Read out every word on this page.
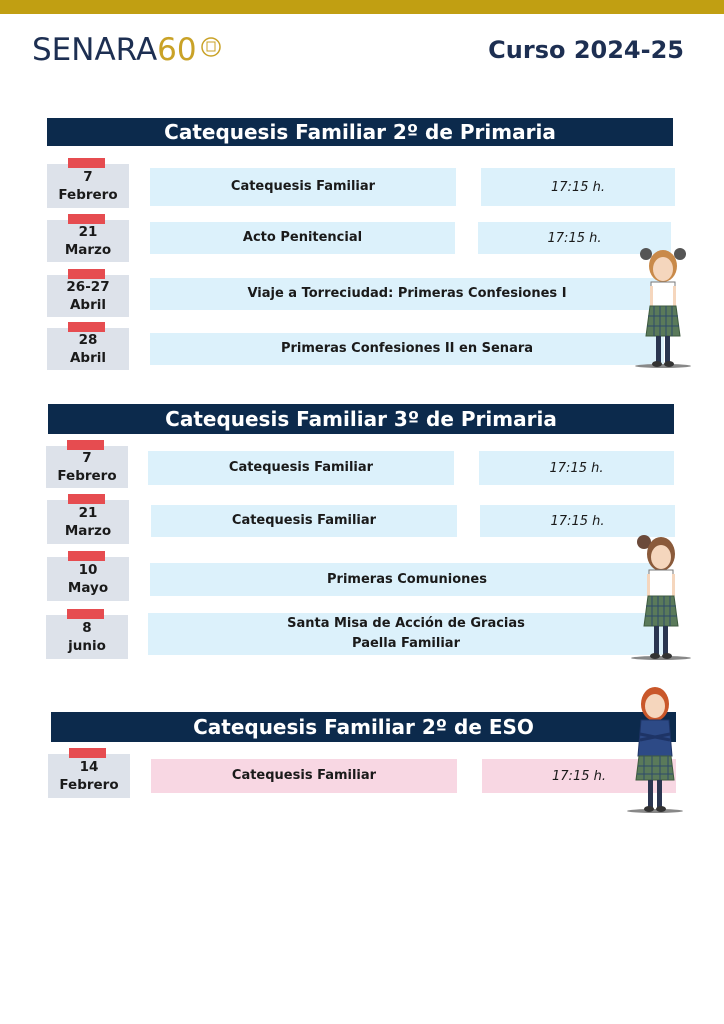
SENARA 60	Curso 2024-25
Catequesis Familiar 2º de Primaria
7
Febrero
Catequesis Familiar	17:15 h.
21
Marzo
Acto Penitencial	17:15 h.
26-27
Abril
Viaje a Torreciudad: Primeras Confesiones I
28
Abril
Primeras Confesiones II en Senara
Catequesis Familiar 3º de Primaria
7
Febrero
Catequesis Familiar	17:15 h.
21
Marzo
Catequesis Familiar	17:15 h.
10
Mayo
Primeras Comuniones
8
junio
Santa Misa de Acción de Gracias
Paella Familiar
Catequesis Familiar 2º de ESO
14
Febrero
Catequesis Familiar	17:15 h.
